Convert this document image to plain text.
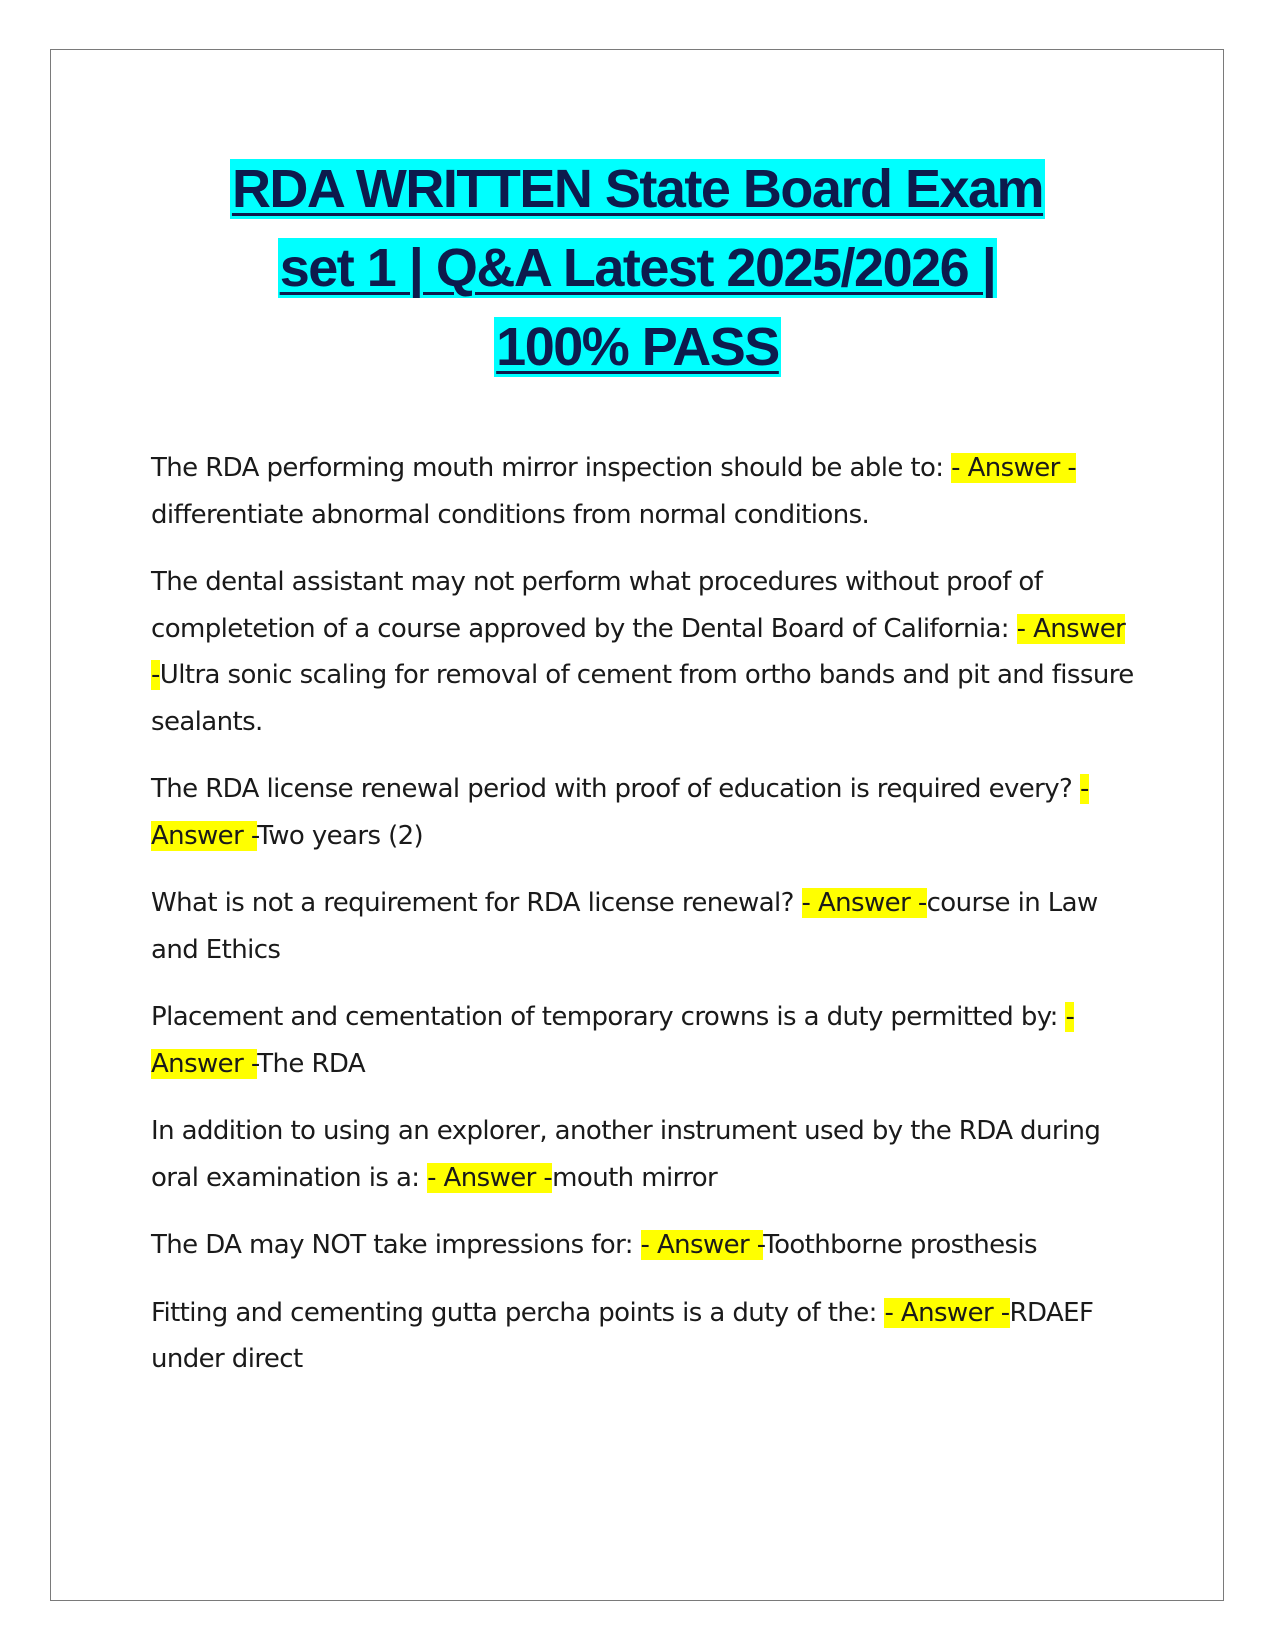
RDA WRITTEN State Board Exam
set 1 | Q&A Latest 2025/2026 |
100% PASS

The RDA performing mouth mirror inspection should be able to: - Answer -differentiate abnormal conditions from normal conditions.

The dental assistant may not perform what procedures without proof of completetion of a course approved by the Dental Board of California: - Answer -Ultra sonic scaling for removal of cement from ortho bands and pit and fissure sealants.

The RDA license renewal period with proof of education is required every? - Answer -Two years (2)

What is not a requirement for RDA license renewal? - Answer -course in Law and Ethics

Placement and cementation of temporary crowns is a duty permitted by: - Answer -The RDA

In addition to using an explorer, another instrument used by the RDA during oral examination is a: - Answer -mouth mirror

The DA may NOT take impressions for: - Answer -Toothborne prosthesis

Fitting and cementing gutta percha points is a duty of the: - Answer -RDAEF under direct
